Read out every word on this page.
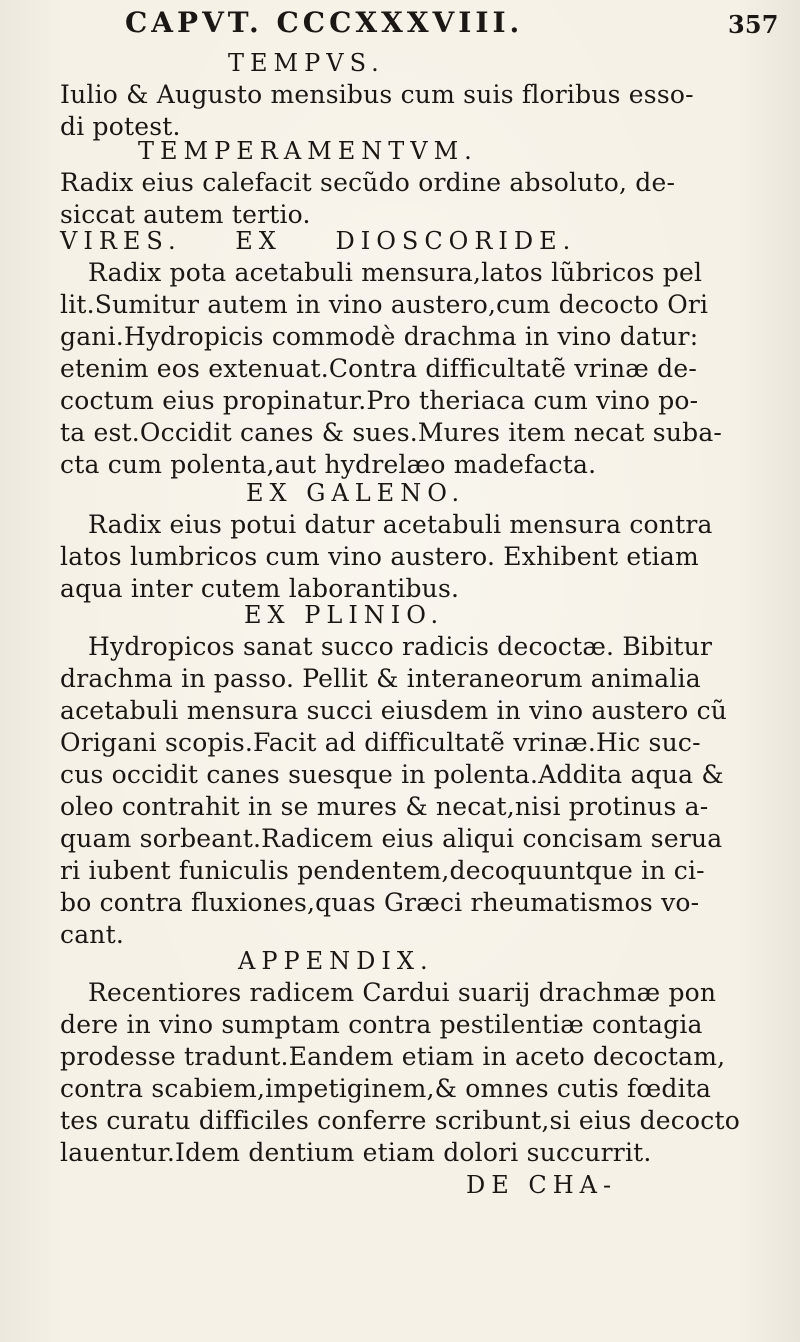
CAPVT. CCCXXXVIII.	357
TEMPVS.
Iulio & Augusto mensibus cum suis floribus esso-
di potest.
TEMPERAMENTVM.
Radix eius calefacit secũdo ordine absoluto, de-
siccat autem tertio.
VIRES. EX DIOSCORIDE.
Radix pota acetabuli mensura,latos lũbricos pel
lit.Sumitur autem in vino austero,cum decocto Ori
gani.Hydropicis commodè drachma in vino datur:
etenim eos extenuat.Contra difficultatẽ vrinæ de-
coctum eius propinatur.Pro theriaca cum vino po-
ta est.Occidit canes & sues.Mures item necat suba-
cta cum polenta,aut hydrelæo madefacta.
EX GALENO.
Radix eius potui datur acetabuli mensura contra
latos lumbricos cum vino austero. Exhibent etiam
aqua inter cutem laborantibus.
EX PLINIO.
Hydropicos sanat succo radicis decoctæ. Bibitur
drachma in passo. Pellit & interaneorum animalia
acetabuli mensura succi eiusdem in vino austero cũ
Origani scopis.Facit ad difficultatẽ vrinæ.Hic suc-
cus occidit canes suesque in polenta.Addita aqua &
oleo contrahit in se mures & necat,nisi protinus a-
quam sorbeant.Radicem eius aliqui concisam serua
ri iubent funiculis pendentem,decoquuntque in ci-
bo contra fluxiones,quas Græci rheumatismos vo-
cant.
APPENDIX.
Recentiores radicem Cardui suarij drachmæ pon
dere in vino sumptam contra pestilentiæ contagia
prodesse tradunt.Eandem etiam in aceto decoctam,
contra scabiem,impetiginem,& omnes cutis fœdita
tes curatu difficiles conferre scribunt,si eius decocto
lauentur.Idem dentium etiam dolori succurrit.
DE CHA-
